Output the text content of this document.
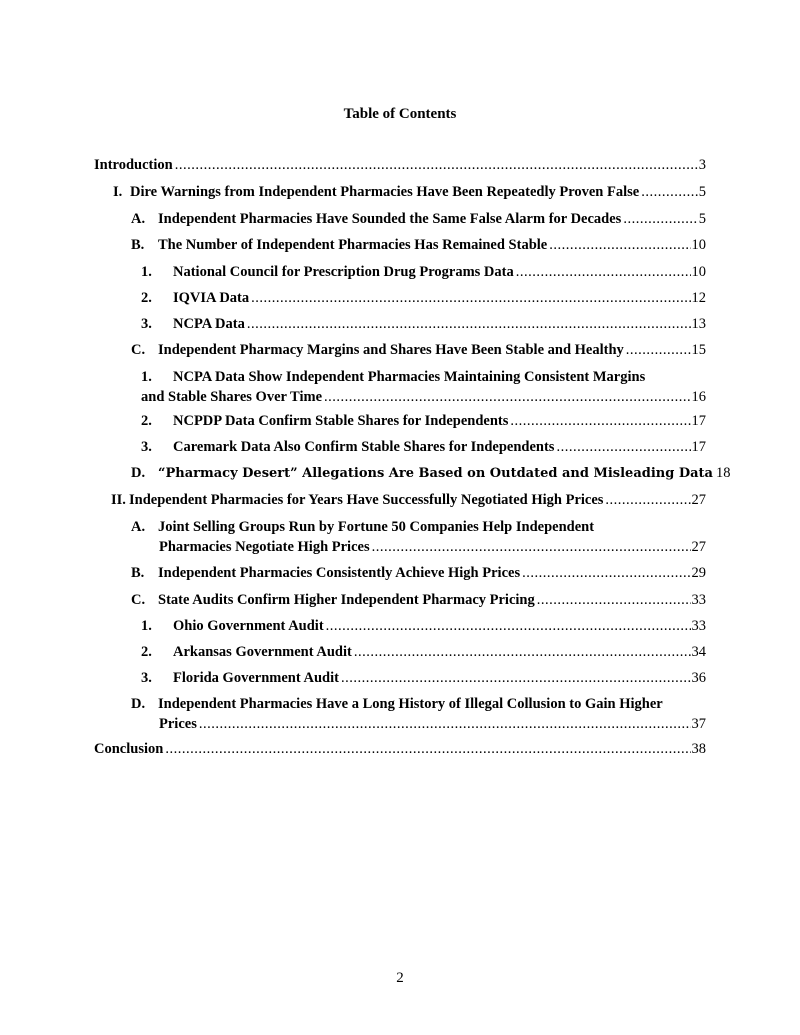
Table of Contents
Introduction .....	3
I. Dire Warnings from Independent Pharmacies Have Been Repeatedly Proven False .....	5
A. Independent Pharmacies Have Sounded the Same False Alarm for Decades .....	5
B. The Number of Independent Pharmacies Has Remained Stable .....	10
1.	National Council for Prescription Drug Programs Data .....	10
2.	IQVIA Data .....	12
3.	NCPA Data .....	13
C. Independent Pharmacy Margins and Shares Have Been Stable and Healthy .....	15
1.	NCPA Data Show Independent Pharmacies Maintaining Consistent Margins
and Stable Shares Over Time .....	16
2.	NCPDP Data Confirm Stable Shares for Independents .....	17
3.	Caremark Data Also Confirm Stable Shares for Independents .....	17
D. “Pharmacy Desert” Allegations Are Based on Outdated and Misleading Data 18
II. Independent Pharmacies for Years Have Successfully Negotiated High Prices .....	27
A. Joint Selling Groups Run by Fortune 50 Companies Help Independent
Pharmacies Negotiate High Prices .....	27
B. Independent Pharmacies Consistently Achieve High Prices .....	29
C. State Audits Confirm Higher Independent Pharmacy Pricing .....	33
1.	Ohio Government Audit .....	33
2.	Arkansas Government Audit .....	34
3.	Florida Government Audit .....	36
D. Independent Pharmacies Have a Long History of Illegal Collusion to Gain Higher
Prices .....	37
Conclusion .....	38
2
